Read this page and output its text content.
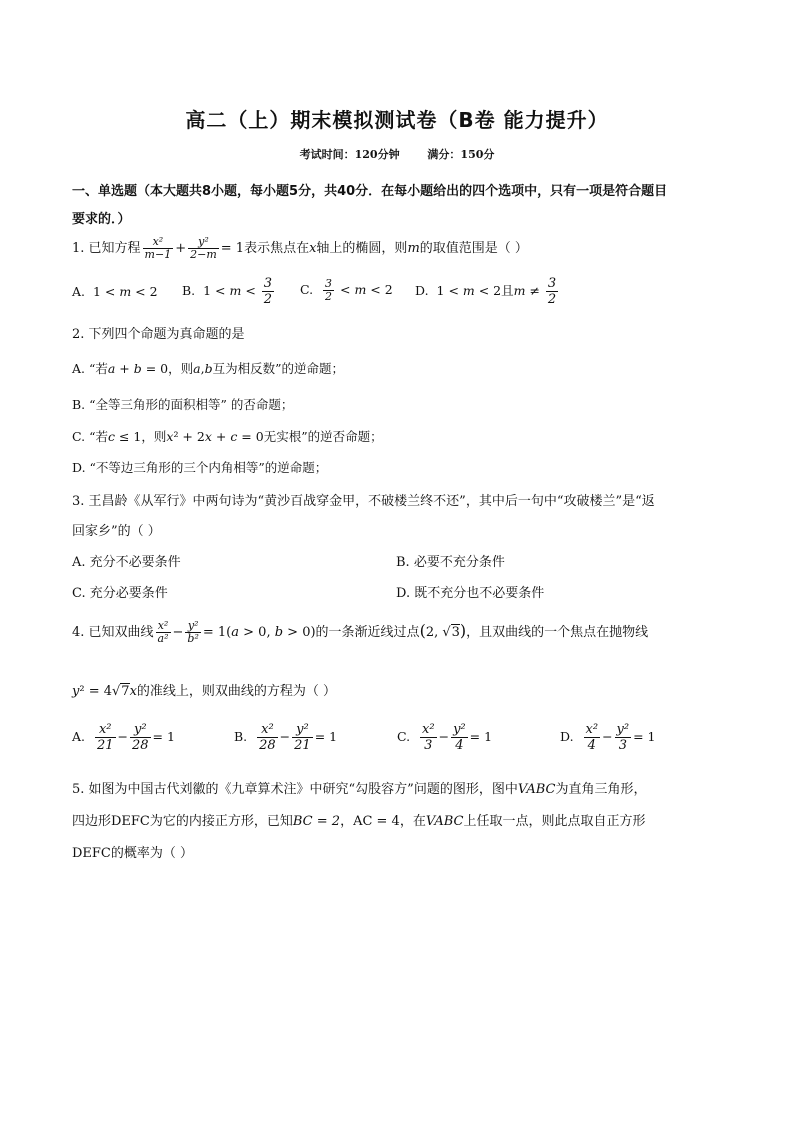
高二（上）期末模拟测试卷（B卷 能力提升）
考试时间：120分钟	满分：150分
一、单选题（本大题共8小题，每小题5分，共40分．在每小题给出的四个选项中，只有一项是符合题目
要求的．）
1. 已知方程 $\frac{\text{x²}}{m-1} + \frac{\text{y²}}{2-m} = 1$表示焦点在x轴上的椭圆，则m的取值范围是（ ）
A. 1 < m < 2 B. $1 < m < \frac{3}{2} C$. $\frac{3}{2} < m < 2$ D. 1 < m < 2且$m \ne \frac{3}{2}$
2. 下列四个命题为真命题的是
A. “若a + b = 0，则a,b互为相反数”的逆命题；
B. “全等三角形的面积相等” 的否命题；
C. “若c ≤ 1，则x² + 2x + c = 0无实根”的逆否命题；
D. “不等边三角形的三个内角相等”的逆命题；
3. 王昌龄《从军行》中两句诗为“黄沙百战穿金甲，不破楼兰终不还”，其中后一句中“攻破楼兰”是“返
回家乡”的（ ）
A. 充分不必要条件	B. 必要不充分条件
C. 充分必要条件	D. 既不充分也不必要条件
4. 已知双曲线 $\frac{\text{x²}}{\text{a²}} - \frac{\text{y²}}{\text{b²}} = 1(a > 0$, b > 0)的一条渐近线过点(2, √3)，且双曲线的一个焦点在抛物线
y² = 4√7x的准线上，则双曲线的方程为（ ）
A. $\frac{\text{x²}}{21} - \frac{\text{y²}}{28} = 1$	B. $\frac{\text{x²}}{28} - \frac{\text{y²}}{21} = 1$	C. $\frac{\text{x²}}{3} - \frac{\text{y²}}{4} = 1$	D. $\frac{\text{x²}}{4} - \frac{\text{y²}}{3} = 1$
5. 如图为中国古代刘徽的《九章算术注》中研究“勾股容方”问题的图形，图中VABC为直角三角形，
四边形DEFC为它的内接正方形，已知BC = 2，AC = 4，在VABC上任取一点，则此点取自正方形
DEFC的概率为（ ）
